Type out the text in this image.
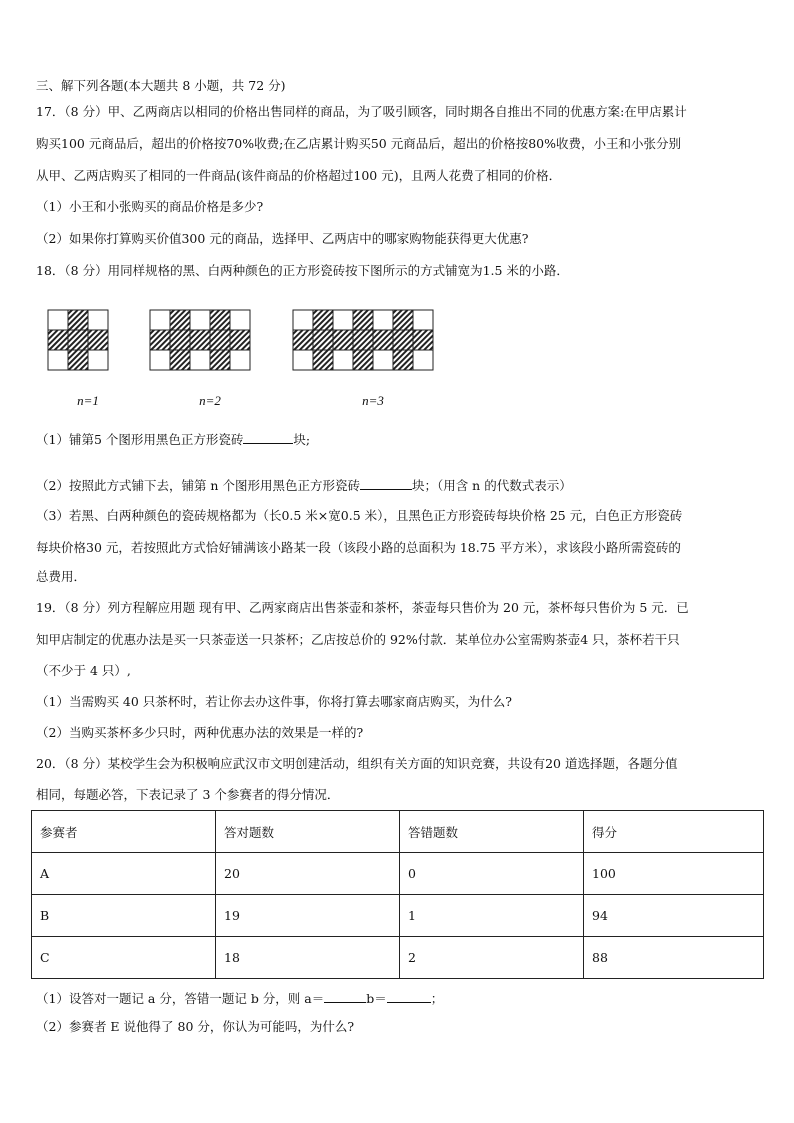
三、解下列各题(本大题共 8 小题，共 72 分)
17．（8 分）甲、乙两商店以相同的价格出售同样的商品，为了吸引顾客，同时期各自推出不同的优惠方案:在甲店累计
购买100 元商品后，超出的价格按70%收费;在乙店累计购买50 元商品后，超出的价格按80%收费，小王和小张分别
从甲、乙两店购买了相同的一件商品(该件商品的价格超过100 元)，且两人花费了相同的价格．
（1）小王和小张购买的商品价格是多少?
（2）如果你打算购买价值300 元的商品，选择甲、乙两店中的哪家购物能获得更大优惠?
18．（8 分）用同样规格的黑、白两种颜色的正方形瓷砖按下图所示的方式铺宽为1.5 米的小路．
n=1	n=2	n=3
（1）铺第5 个图形用黑色正方形瓷砖	块;
（2）按照此方式铺下去，铺第 n 个图形用黑色正方形瓷砖	块；（用含 n 的代数式表示）
（3）若黑、白两种颜色的瓷砖规格都为（长0.5 米×宽0.5 米），且黑色正方形瓷砖每块价格 25 元，白色正方形瓷砖
每块价格30 元，若按照此方式恰好铺满该小路某一段（该段小路的总面积为 18.75 平方米），求该段小路所需瓷砖的
总费用．
19．（8 分）列方程解应用题 现有甲、乙两家商店出售茶壶和茶杯，茶壶每只售价为 20 元，茶杯每只售价为 5 元．已
知甲店制定的优惠办法是买一只茶壶送一只茶杯；乙店按总价的 92%付款．某单位办公室需购茶壶4 只，茶杯若干只
（不少于 4 只）,
（1）当需购买 40 只茶杯时，若让你去办这件事，你将打算去哪家商店购买，为什么?
（2）当购买茶杯多少只时，两种优惠办法的效果是一样的?
20．（8 分）某校学生会为积极响应武汉市文明创建活动，组织有关方面的知识竞赛，共设有20 道选择题，各题分值
相同，每题必答，下表记录了 3 个参赛者的得分情况．
参赛者	答对题数	答错题数	得分
A	20	0	100
B	19	1	94
C	18	2	88
（1）设答对一题记 a 分，答错一题记 b 分，则 a＝	b＝	；
（2）参赛者 E 说他得了 80 分，你认为可能吗，为什么?
